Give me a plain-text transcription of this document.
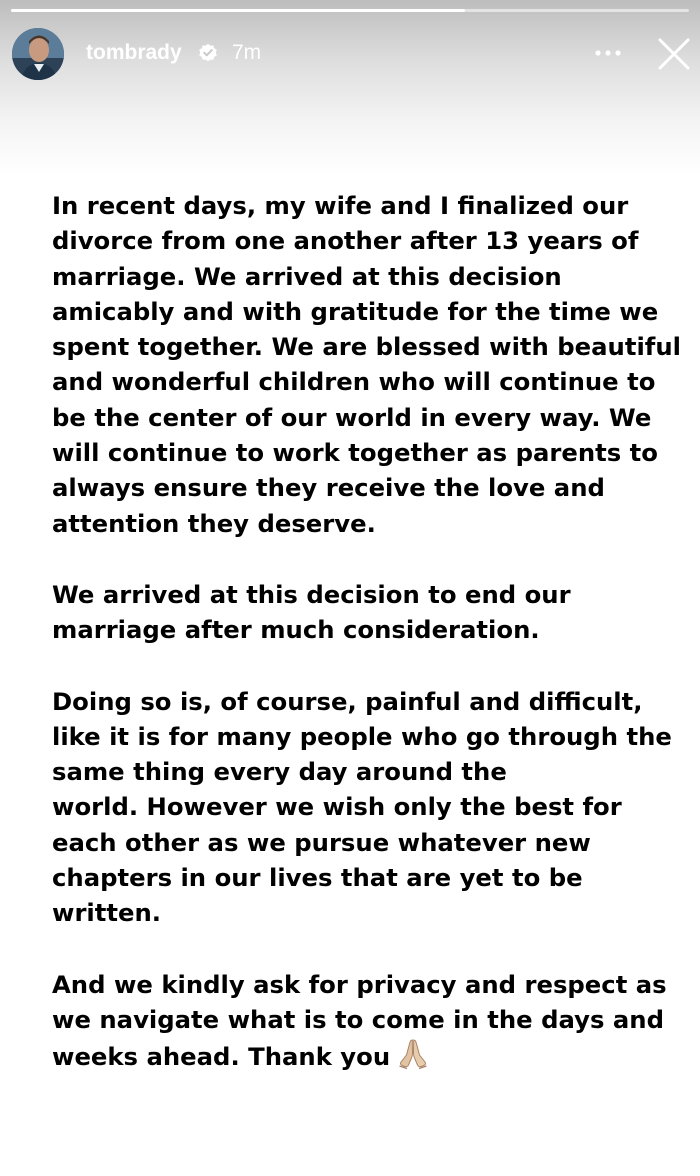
tombrady 7m

In recent days, my wife and I finalized our
divorce from one another after 13 years of
marriage. We arrived at this decision
amicably and with gratitude for the time we
spent together. We are blessed with beautiful
and wonderful children who will continue to
be the center of our world in every way. We
will continue to work together as parents to
always ensure they receive the love and
attention they deserve.

We arrived at this decision to end our
marriage after much consideration.

Doing so is, of course, painful and difficult,
like it is for many people who go through the
same thing every day around the
world. However we wish only the best for
each other as we pursue whatever new
chapters in our lives that are yet to be
written.

And we kindly ask for privacy and respect as
we navigate what is to come in the days and
weeks ahead. Thank you
